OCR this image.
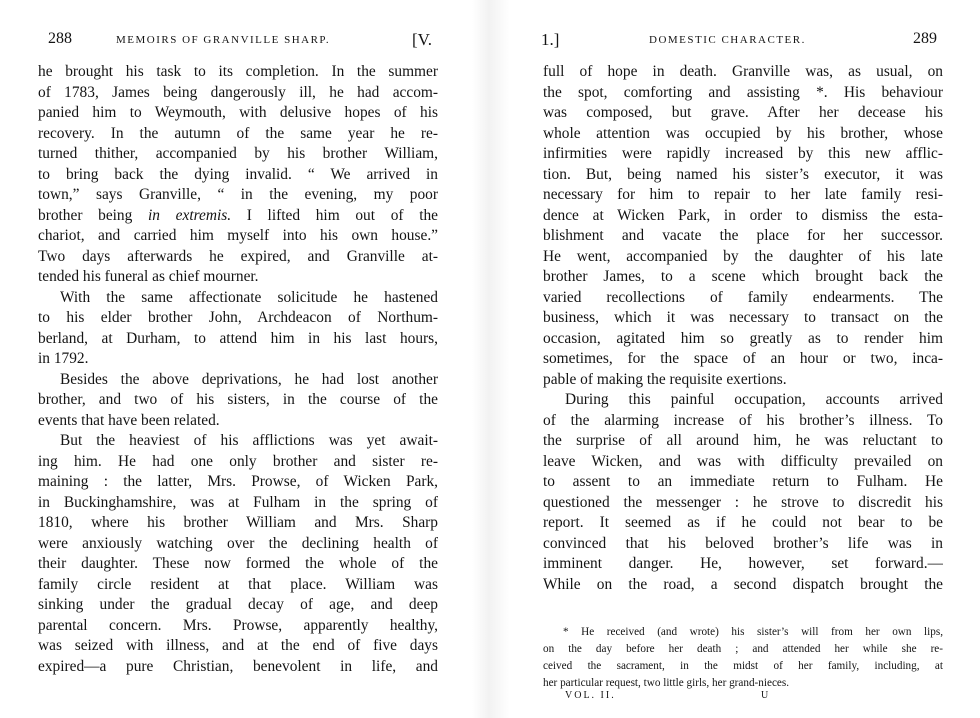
288	MEMOIRS OF GRANVILLE SHARP.	[V.
he brought his task to its completion. In the summer
of 1783, James being dangerously ill, he had accom-
panied him to Weymouth, with delusive hopes of his
recovery. In the autumn of the same year he re-
turned thither, accompanied by his brother William,
to bring back the dying invalid. “ We arrived in
town,” says Granville, “ in the evening, my poor
brother being in extremis. I lifted him out of the
chariot, and carried him myself into his own house.”
Two days afterwards he expired, and Granville at-
tended his funeral as chief mourner.
With the same affectionate solicitude he hastened
to his elder brother John, Archdeacon of Northum-
berland, at Durham, to attend him in his last hours,
in 1792.
Besides the above deprivations, he had lost another
brother, and two of his sisters, in the course of the
events that have been related.
But the heaviest of his afflictions was yet await-
ing him. He had one only brother and sister re-
maining : the latter, Mrs. Prowse, of Wicken Park,
in Buckinghamshire, was at Fulham in the spring of
1810, where his brother William and Mrs. Sharp
were anxiously watching over the declining health of
their daughter. These now formed the whole of the
family circle resident at that place. William was
sinking under the gradual decay of age, and deep
parental concern. Mrs. Prowse, apparently healthy,
was seized with illness, and at the end of five days
expired—a pure Christian, benevolent in life, and
1.]	DOMESTIC CHARACTER.	289
full of hope in death. Granville was, as usual, on
the spot, comforting and assisting *. His behaviour
was composed, but grave. After her decease his
whole attention was occupied by his brother, whose
infirmities were rapidly increased by this new afflic-
tion. But, being named his sister’s executor, it was
necessary for him to repair to her late family resi-
dence at Wicken Park, in order to dismiss the esta-
blishment and vacate the place for her successor.
He went, accompanied by the daughter of his late
brother James, to a scene which brought back the
varied recollections of family endearments. The
business, which it was necessary to transact on the
occasion, agitated him so greatly as to render him
sometimes, for the space of an hour or two, inca-
pable of making the requisite exertions.
During this painful occupation, accounts arrived
of the alarming increase of his brother’s illness. To
the surprise of all around him, he was reluctant to
leave Wicken, and was with difficulty prevailed on
to assent to an immediate return to Fulham. He
questioned the messenger : he strove to discredit his
report. It seemed as if he could not bear to be
convinced that his beloved brother’s life was in
imminent danger. He, however, set forward.—
While on the road, a second dispatch brought the
* He received (and wrote) his sister’s will from her own lips,
on the day before her death ; and attended her while she re-
ceived the sacrament, in the midst of her family, including, at
her particular request, two little girls, her grand-nieces.
VOL. II.	U
